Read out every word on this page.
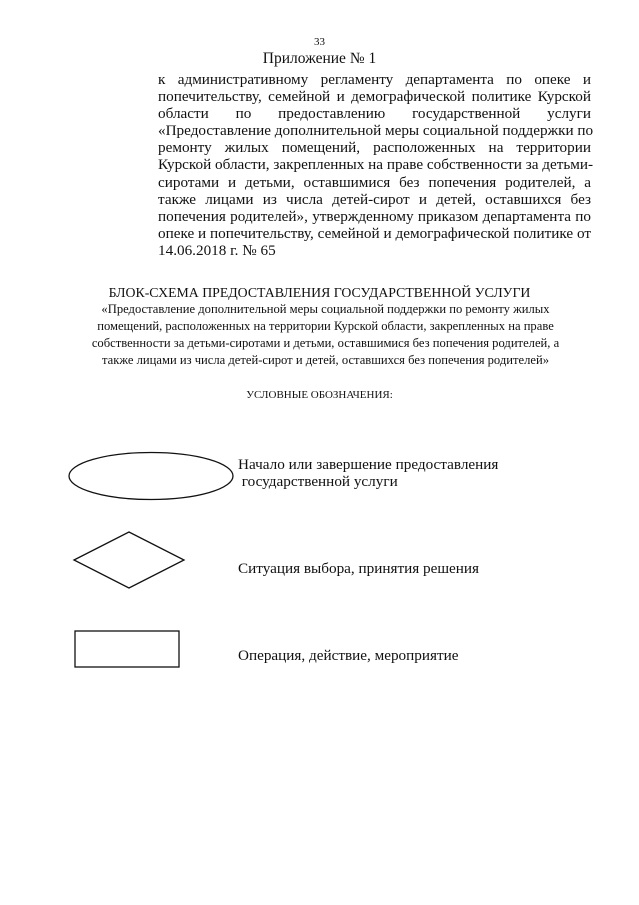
33
Приложение № 1
к административному регламенту департамента по опеке и
попечительству, семейной и демографической политике Курской
области по предоставлению государственной услуги
«Предоставление дополнительной меры социальной поддержки по
ремонту жилых помещений, расположенных на территории
Курской области, закрепленных на праве собственности за детьми-
сиротами и детьми, оставшимися без попечения родителей, а
также лицами из числа детей-сирот и детей, оставшихся без
попечения родителей», утвержденному приказом департамента по
опеке и попечительству, семейной и демографической политике от
14.06.2018 г. № 65
БЛОК-СХЕМА ПРЕДОСТАВЛЕНИЯ ГОСУДАРСТВЕННОЙ УСЛУГИ
«Предоставление дополнительной меры социальной поддержки по ремонту жилых помещений, расположенных на территории Курской области, закрепленных на праве собственности за детьми-сиротами и детьми, оставшимися без попечения родителей, а также лицами из числа детей-сирот и детей, оставшихся без попечения родителей»
УСЛОВНЫЕ ОБОЗНАЧЕНИЯ:
Начало или завершение предоставления
государственной услуги
Ситуация выбора, принятия решения
Операция, действие, мероприятие
